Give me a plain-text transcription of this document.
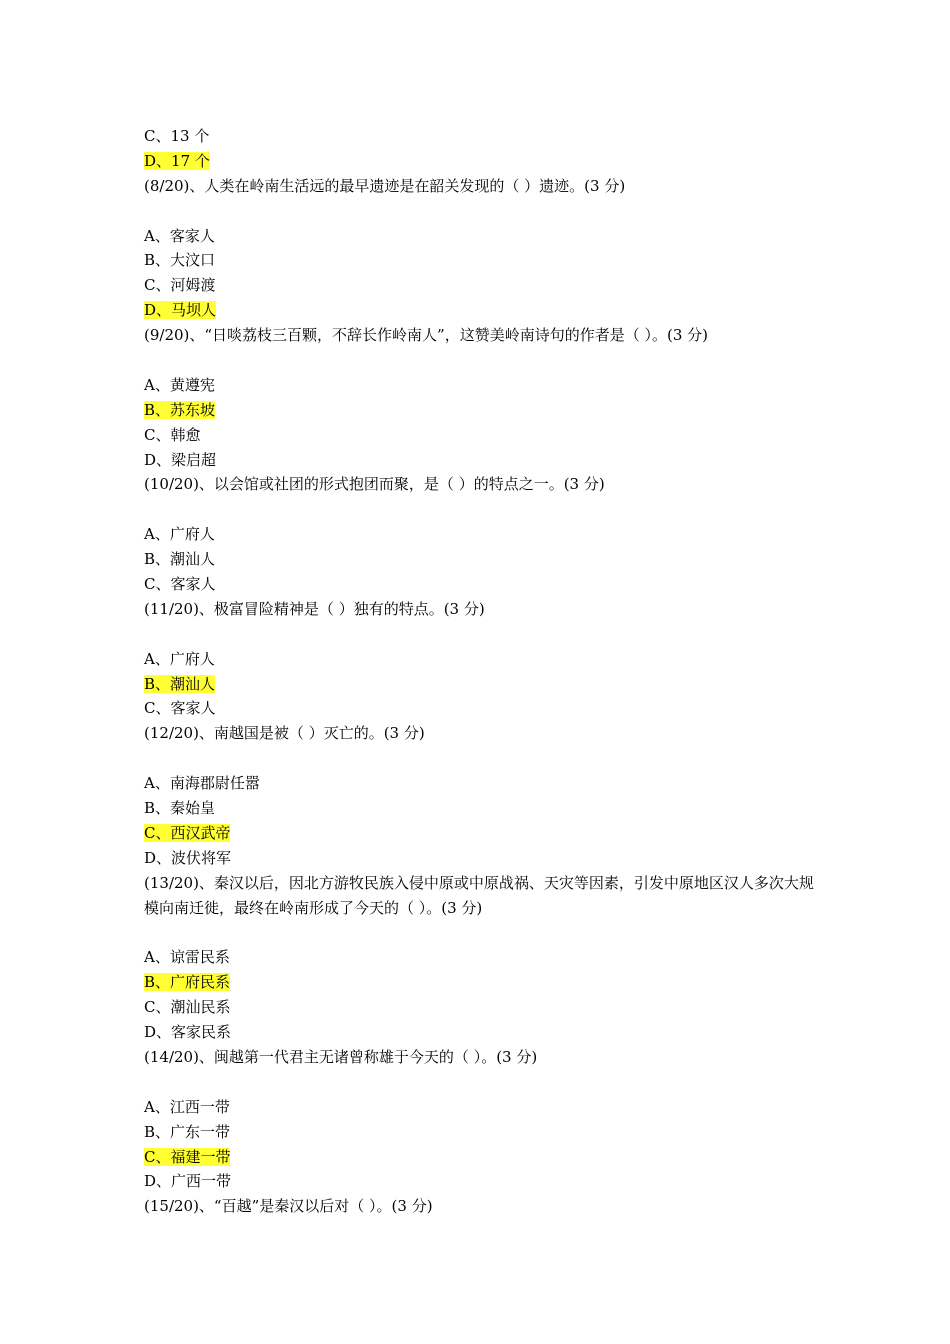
C、13 个
D、17 个
(8/20)、人类在岭南生活远的最早遗迹是在韶关发现的（ ）遗迹。(3 分)
A、客家人
B、大汶口
C、河姆渡
D、马坝人
(9/20)、“日啖荔枝三百颗，不辞长作岭南人”，这赞美岭南诗句的作者是（ ）。(3 分)
A、黄遵宪
B、苏东坡
C、韩愈
D、梁启超
(10/20)、以会馆或社团的形式抱团而聚，是（ ）的特点之一。(3 分)
A、广府人
B、潮汕人
C、客家人
(11/20)、极富冒险精神是（ ）独有的特点。(3 分)
A、广府人
B、潮汕人
C、客家人
(12/20)、南越国是被（ ）灭亡的。(3 分)
A、南海郡尉任嚣
B、秦始皇
C、西汉武帝
D、波伏将军
(13/20)、秦汉以后，因北方游牧民族入侵中原或中原战祸、天灾等因素，引发中原地区汉人多次大规模向南迁徙，最终在岭南形成了今天的（ ）。(3 分)
A、谅雷民系
B、广府民系
C、潮汕民系
D、客家民系
(14/20)、闽越第一代君主无诸曾称雄于今天的（ ）。(3 分)
A、江西一带
B、广东一带
C、福建一带
D、广西一带
(15/20)、“百越”是秦汉以后对（ ）。(3 分)
